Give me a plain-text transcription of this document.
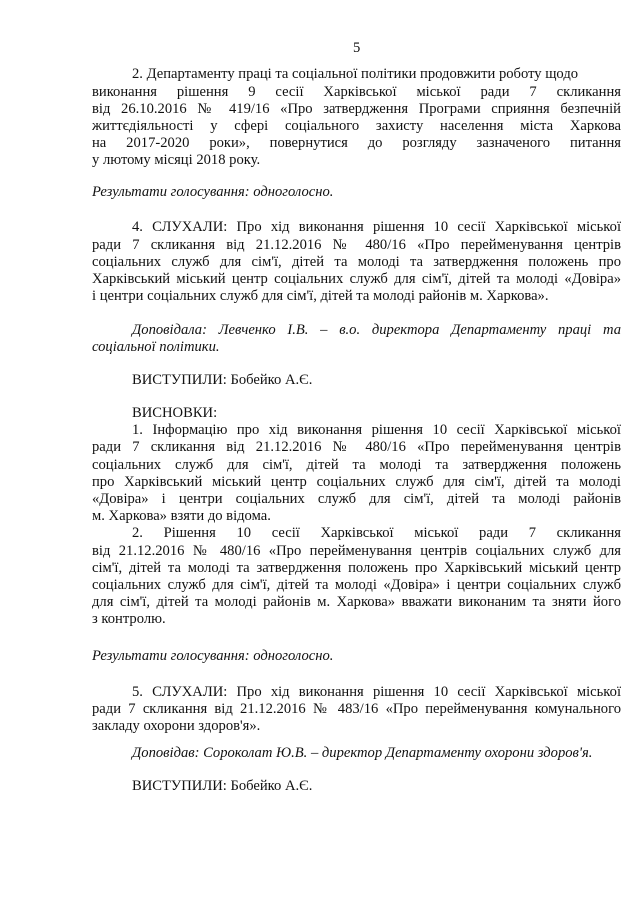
5
2. Департаменту праці та соціальної політики продовжити роботу щодо
виконання рішення 9 сесії Харківської міської ради 7 скликання
від 26.10.2016 № 419/16 «Про затвердження Програми сприяння безпечній
життєдіяльності у сфері соціального захисту населення міста Харкова
на 2017-2020 роки», повернутися до розгляду зазначеного питання
у лютому місяці 2018 року.
Результати голосування: одноголосно.
4. СЛУХАЛИ: Про хід виконання рішення 10 сесії Харківської міської
ради 7 скликання від 21.12.2016 № 480/16 «Про перейменування центрів
соціальних служб для сім'ї, дітей та молоді та затвердження положень про
Харківський міський центр соціальних служб для сім'ї, дітей та молоді «Довіра»
і центри соціальних служб для сім'ї, дітей та молоді районів м. Харкова».
Доповідала: Левченко І.В. – в.о. директора Департаменту праці та
соціальної політики.
ВИСТУПИЛИ: Бобейко А.Є.
ВИСНОВКИ:
1. Інформацію про хід виконання рішення 10 сесії Харківської міської
ради 7 скликання від 21.12.2016 № 480/16 «Про перейменування центрів
соціальних служб для сім'ї, дітей та молоді та затвердження положень
про Харківський міський центр соціальних служб для сім'ї, дітей та молоді
«Довіра» і центри соціальних служб для сім'ї, дітей та молоді районів
м. Харкова» взяти до відома.
2. Рішення 10 сесії Харківської міської ради 7 скликання
від 21.12.2016 № 480/16 «Про перейменування центрів соціальних служб для
сім'ї, дітей та молоді та затвердження положень про Харківський міський центр
соціальних служб для сім'ї, дітей та молоді «Довіра» і центри соціальних служб
для сім'ї, дітей та молоді районів м. Харкова» вважати виконаним та зняти його
з контролю.
Результати голосування: одноголосно.
5. СЛУХАЛИ: Про хід виконання рішення 10 сесії Харківської міської
ради 7 скликання від 21.12.2016 № 483/16 «Про перейменування комунального
закладу охорони здоров'я».
Доповідав: Сороколат Ю.В. – директор Департаменту охорони здоров'я.
ВИСТУПИЛИ: Бобейко А.Є.
